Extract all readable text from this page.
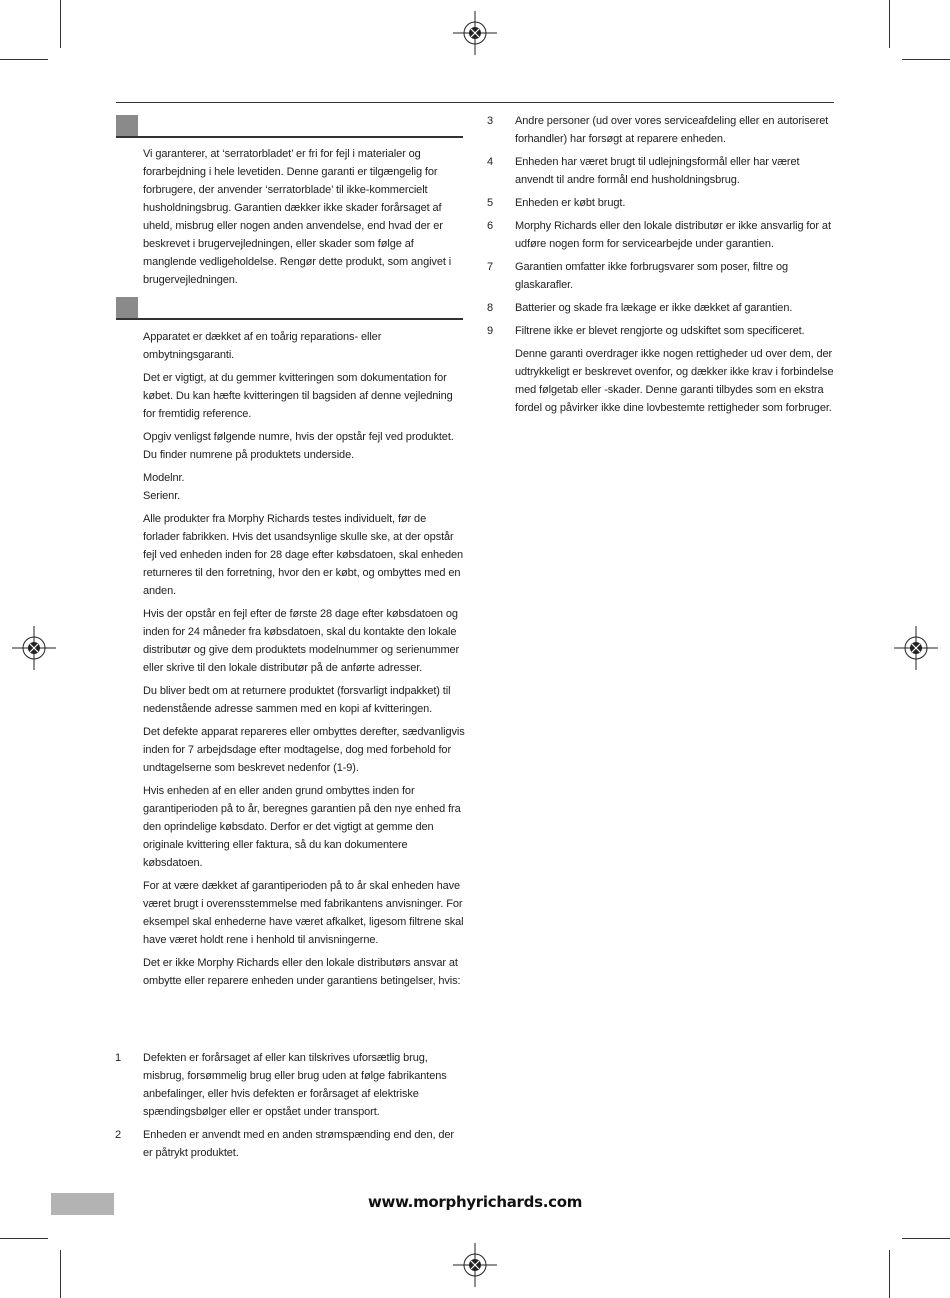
Vi garanterer, at ‘serratorbladet’ er fri for fejl i materialer og forarbejdning i hele levetiden. Denne garanti er tilgængelig for forbrugere, der anvender ‘serratorblade’ til ikke-kommercielt husholdningsbrug. Garantien dækker ikke skader forårsaget af uheld, misbrug eller nogen anden anvendelse, end hvad der er beskrevet i brugervejledningen, eller skader som følge af manglende vedligeholdelse. Rengør dette produkt, som angivet i brugervejledningen.

Apparatet er dækket af en toårig reparations- eller ombytningsgaranti.

Det er vigtigt, at du gemmer kvitteringen som dokumentation for købet. Du kan hæfte kvitteringen til bagsiden af denne vejledning for fremtidig reference.

Opgiv venligst følgende numre, hvis der opstår fejl ved produktet. Du finder numrene på produktets underside.

Modelnr.
Serienr.

Alle produkter fra Morphy Richards testes individuelt, før de forlader fabrikken. Hvis det usandsynlige skulle ske, at der opstår fejl ved enheden inden for 28 dage efter købsdatoen, skal enheden returneres til den forretning, hvor den er købt, og ombyttes med en anden.

Hvis der opstår en fejl efter de første 28 dage efter købsdatoen og inden for 24 måneder fra købsdatoen, skal du kontakte den lokale distributør og give dem produktets modelnummer og serienummer eller skrive til den lokale distributør på de anførte adresser.

Du bliver bedt om at returnere produktet (forsvarligt indpakket) til nedenstående adresse sammen med en kopi af kvitteringen.

Det defekte apparat repareres eller ombyttes derefter, sædvanligvis inden for 7 arbejdsdage efter modtagelse, dog med forbehold for undtagelserne som beskrevet nedenfor (1-9).

Hvis enheden af en eller anden grund ombyttes inden for garantiperioden på to år, beregnes garantien på den nye enhed fra den oprindelige købsdato. Derfor er det vigtigt at gemme den originale kvittering eller faktura, så du kan dokumentere købsdatoen.

For at være dækket af garantiperioden på to år skal enheden have været brugt i overensstemmelse med fabrikantens anvisninger. For eksempel skal enhederne have været afkalket, ligesom filtrene skal have været holdt rene i henhold til anvisningerne.

Det er ikke Morphy Richards eller den lokale distributørs ansvar at ombytte eller reparere enheden under garantiens betingelser, hvis:

1 Defekten er forårsaget af eller kan tilskrives uforsætlig brug, misbrug, forsømmelig brug eller brug uden at følge fabrikantens anbefalinger, eller hvis defekten er forårsaget af elektriske spændingsbølger eller er opstået under transport.
2 Enheden er anvendt med en anden strømspænding end den, der er påtrykt produktet.
3 Andre personer (ud over vores serviceafdeling eller en autoriseret forhandler) har forsøgt at reparere enheden.
4 Enheden har været brugt til udlejningsformål eller har været anvendt til andre formål end husholdningsbrug.
5 Enheden er købt brugt.
6 Morphy Richards eller den lokale distributør er ikke ansvarlig for at udføre nogen form for servicearbejde under garantien.
7 Garantien omfatter ikke forbrugsvarer som poser, filtre og glaskarafler.
8 Batterier og skade fra lækage er ikke dækket af garantien.
9 Filtrene ikke er blevet rengjorte og udskiftet som specificeret.
Denne garanti overdrager ikke nogen rettigheder ud over dem, der udtrykkeligt er beskrevet ovenfor, og dækker ikke krav i forbindelse med følgetab eller -skader. Denne garanti tilbydes som en ekstra fordel og påvirker ikke dine lovbestemte rettigheder som forbruger.
www.morphyrichards.com
